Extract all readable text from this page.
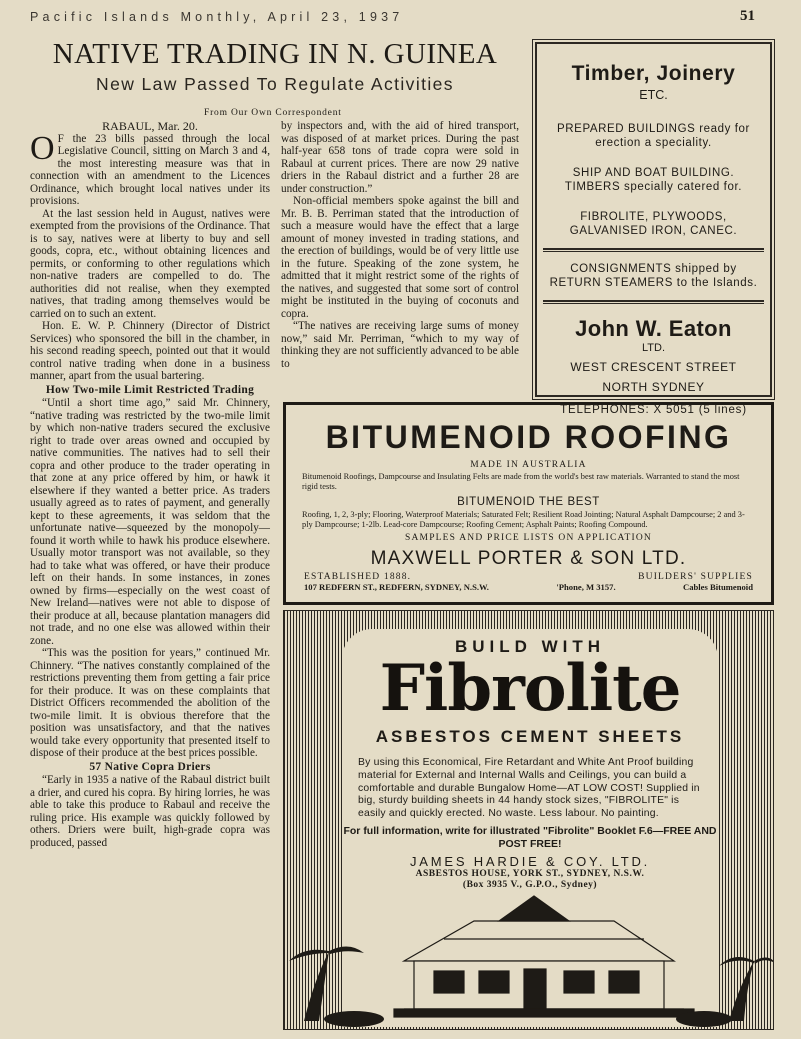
Pacific Islands Monthly, April 23, 1937	51
NATIVE TRADING IN N. GUINEA
New Law Passed To Regulate Activities
From Our Own Correspondent
RABAUL, Mar. 20.

O F the 23 bills passed through the local Legislative Council, sitting on March 3 and 4, the most interesting measure was that in connection with an amendment to the Licences Ordinance, which brought local natives under its provisions.

At the last session held in August, natives were exempted from the provisions of the Ordinance. That is to say, natives were at liberty to buy and sell goods, copra, etc., without obtaining licences and permits, or conforming to other regulations which non-native traders are compelled to do. The authorities did not realise, when they exempted natives, that trading among themselves would be carried on to such an extent.

Hon. E. W. P. Chinnery (Director of District Services) who sponsored the bill in the chamber, in his second reading speech, pointed out that it would control native trading when done in a business manner, apart from the usual bartering.

How Two-mile Limit Restricted Trading

“Until a short time ago,” said Mr. Chinnery, “native trading was restricted by the two-mile limit by which non-native traders secured the exclusive right to trade over areas owned and occupied by native communities. The natives had to sell their copra and other produce to the trader operating in that zone at any price offered by him, or hawk it elsewhere if they wanted a better price. As traders usually agreed as to rates of payment, and generally kept to these agreements, it was seldom that the unfortunate native—squeezed by the monopoly—found it worth while to hawk his produce elsewhere. Usually motor transport was not available, so they had to take what was offered, or have their produce left on their hands. In some instances, in zones owned by firms—especially on the west coast of New Ireland—natives were not able to dispose of their produce at all, because plantation managers did not trade, and no one else was allowed within their zone.

“This was the position for years,” continued Mr. Chinnery. “The natives constantly complained of the restrictions preventing them from getting a fair price for their produce. It was on these complaints that District Officers recommended the abolition of the two-mile limit. It is obvious therefore that the position was unsatisfactory, and that the natives would take every opportunity that presented itself to dispose of their produce at the best prices possible.

57 Native Copra Driers

“Early in 1935 a native of the Rabaul district built a drier, and cured his copra. By hiring lorries, he was able to take this produce to Rabaul and receive the ruling price. His example was quickly followed by others. Driers were built, high-grade copra was produced, passed

by inspectors and, with the aid of hired transport, was disposed of at market prices. During the past half-year 658 tons of trade copra were sold in Rabaul at current prices. There are now 29 native driers in the Rabaul district and a further 28 are under construction.”

Non-official members spoke against the bill and Mr. B. B. Perriman stated that the introduction of such a measure would have the effect that a large amount of money invested in trading stations, and the erection of buildings, would be of very little use in the future. Speaking of the zone system, he admitted that it might restrict some of the rights of the natives, and suggested that some sort of control might be instituted in the buying of coconuts and copra.

“The natives are receiving large sums of money now,” said Mr. Perriman, “which to my way of thinking they are not sufficiently advanced to be able to

Timber, Joinery
ETC.
PREPARED BUILDINGS ready for erection a speciality.
SHIP AND BOAT BUILDING. TIMBERS specially catered for.
FIBROLITE, PLYWOODS, GALVANISED IRON, CANEC.
CONSIGNMENTS shipped by RETURN STEAMERS to the Islands.
John W. Eaton
LTD.
WEST CRESCENT STREET
NORTH SYDNEY
TELEPHONES: X 5051 (5 lines)
BITUMENOID ROOFING
MADE IN AUSTRALIA
Bitumenoid Roofings, Dampcourse and Insulating Felts are made from the world's best raw materials. Warranted to stand the most rigid tests.
BITUMENOID THE BEST
Roofing, 1, 2, 3-ply; Flooring, Waterproof Materials; Saturated Felt; Resilient Road Jointing; Natural Asphalt Dampcourse; 2 and 3-ply Dampcourse; 1-2lb. Lead-core Dampcourse; Roofing Cement; Asphalt Paints; Roofing Compound.
SAMPLES AND PRICE LISTS ON APPLICATION
MAXWELL PORTER & SON LTD.
ESTABLISHED 1888.	BUILDERS' SUPPLIES
107 REDFERN ST., REDFERN, SYDNEY, N.S.W.	'Phone, M 3157.	Cables Bitumenoid
BUILD WITH
Fibrolite
ASBESTOS CEMENT SHEETS
By using this Economical, Fire Retardant and White Ant Proof building material for External and Internal Walls and Ceilings, you can build a comfortable and durable Bungalow Home—AT LOW COST! Supplied in big, sturdy building sheets in 44 handy stock sizes, "FIBROLITE" is easily and quickly erected. No waste. Less labour. No painting.
For full information, write for illustrated "Fibrolite" Booklet F.6—FREE AND POST FREE!
JAMES HARDIE & COY. LTD.
ASBESTOS HOUSE, YORK ST., SYDNEY, N.S.W.
(Box 3935 V., G.P.O., Sydney)
